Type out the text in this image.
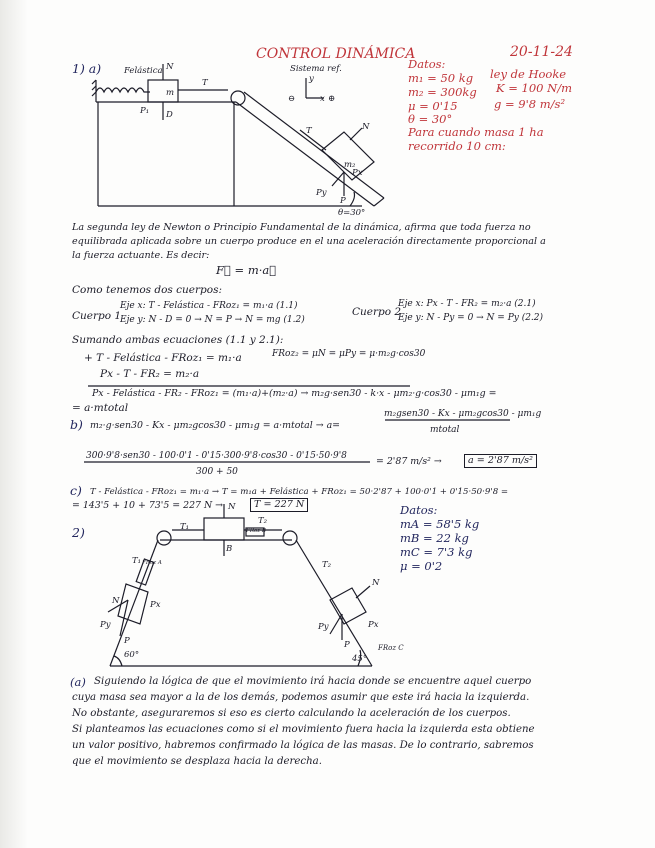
CONTROL DINÁMICA	20-11-24
1) a)	Felástica N
m
T
P₁ D
Sistema ref.
y
x ⊕
⊖
T	N
m₂
Px
Py
P
θ=30°
Datos:
m₁ = 50 kg
m₂ = 300kg
μ = 0'15
θ = 30°
ley de Hooke
K = 100 N/m
g = 9'8 m/s²
Para cuando masa 1 ha
recorrido 10 cm:
La segunda ley de Newton o Principio Fundamental de la dinámica, afirma que toda fuerza no
equilibrada aplicada sobre un cuerpo produce en el una aceleración directamente proporcional a
la fuerza actuante. Es decir:
F⃗ = m·a⃗
Como tenemos dos cuerpos:
Cuerpo 1
Eje x: T - Felástica - FRoz₁ = m₁·a (1.1)
Eje y: N - D = 0 → N = P → N = mg (1.2)
Cuerpo 2
Eje x: Px - T - FR₂ = m₂·a (2.1)
Eje y: N - Py = 0 → N = Py (2.2)
Sumando ambas ecuaciones (1.1 y 2.1):
+ T - Felástica - FRoz₁ = m₁·a	FRoz₂ = μN = μPy = μ·m₂g·cos30
Px - T - FR₂ = m₂·a
Px - Felástica - FR₂ - FRoz₁ = (m₁·a)+(m₂·a) → m₂g·sen30 - k·x - μm₂·g·cos30 - μm₁g =
= a·mtotal
b) m₂·g·sen30 - Kx - μm₂gcos30 - μm₁g = a·mtotal → a=
m₂gsen30 - Kx - μm₂gcos30 - μm₁g
mtotal
300·9'8·sen30 - 100·0'1 - 0'15·300·9'8·cos30 - 0'15·50·9'8
300 + 50
= 2'87 m/s² →	a = 2'87 m/s²
c) T - Felástica - FRoz₁ = m₁·a → T = m₁a + Felástica + FRoz₁ = 50·2'87 + 100·0'1 + 0'15·50·9'8 =
= 143'5 + 10 + 73'5 = 227 N →	T = 227 N
2)	T₁
T₂
N
B
FRoz B
T₁
N
FRoz A
Py
Px
P
60°
T₂
N
Px
Py
P	FRoz C
45°
Datos:
mA = 58'5 kg
mB = 22 kg
mC = 7'3 kg
μ = 0'2
(a) Siguiendo la lógica de que el movimiento irá hacia donde se encuentre aquel cuerpo
cuya masa sea mayor a la de los demás, podemos asumir que este irá hacia la izquierda.
No obstante, aseguraremos si eso es cierto calculando la aceleración de los cuerpos.
Si planteamos las ecuaciones como si el movimiento fuera hacia la izquierda esta obtiene
un valor positivo, habremos confirmado la lógica de las masas. De lo contrario, sabremos
que el movimiento se desplaza hacia la derecha.
